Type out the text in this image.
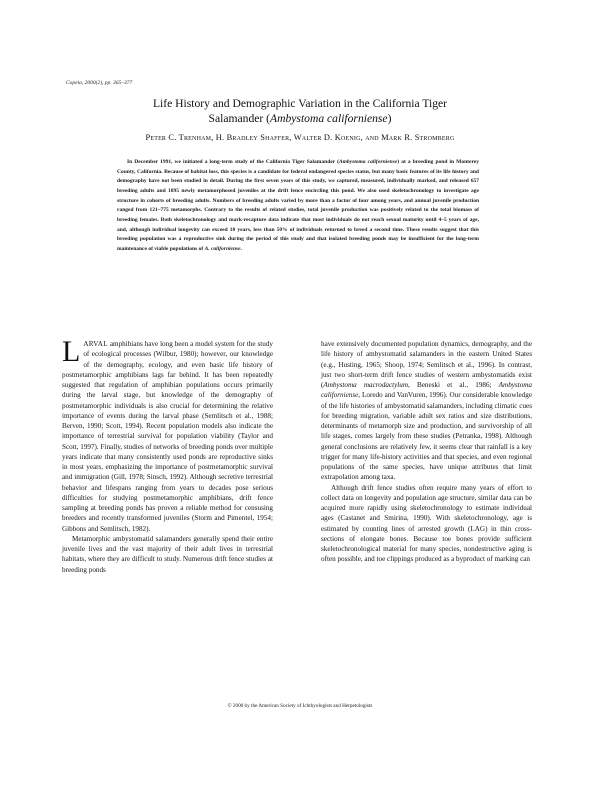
Copeia, 2000(2), pp. 365–377
Life History and Demographic Variation in the California Tiger
Salamander (Ambystoma californiense)
Peter C. Trenham, H. Bradley Shaffer, Walter D. Koenig, and Mark R. Stromberg

In December 1991, we initiated a long-term study of the California Tiger Salamander (Ambystoma californiense) at a breeding pond in Monterey County, California. Because of habitat loss, this species is a candidate for federal endangered species status, but many basic features of its life history and demography have not been studied in detail. During the first seven years of this study, we captured, measured, individually marked, and released 657 breeding adults and 1895 newly metamorphosed juveniles at the drift fence encircling this pond. We also used skeletochronology to investigate age structure in cohorts of breeding adults. Numbers of breeding adults varied by more than a factor of four among years, and annual juvenile production ranged from 121–775 metamorphs. Contrary to the results of related studies, total juvenile production was positively related to the total biomass of breeding females. Both skeletochronology and mark-recapture data indicate that most individuals do not reach sexual maturity until 4–5 years of age, and, although individual longevity can exceed 10 years, less than 50% of individuals returned to breed a second time. These results suggest that this breeding population was a reproductive sink during the period of this study and that isolated breeding ponds may be insufficient for the long-term maintenance of viable populations of A. californiense.

LARVAL amphibians have long been a model system for the study of ecological processes (Wilbur, 1980); however, our knowledge of the demography, ecology, and even basic life history of postmetamorphic amphibians lags far behind. It has been repeatedly suggested that regulation of amphibian populations occurs primarily during the larval stage, but knowledge of the demography of postmetamorphic individuals is also crucial for determining the relative importance of events during the larval phase (Semlitsch et al., 1988; Berven, 1990; Scott, 1994). Recent population models also indicate the importance of terrestrial survival for population viability (Taylor and Scott, 1997). Finally, studies of networks of breeding ponds over multiple years indicate that many consistently used ponds are reproductive sinks in most years, emphasizing the importance of postmetamorphic survival and immigration (Gill, 1978; Sinsch, 1992). Although secretive terrestrial behavior and lifespans ranging from years to decades pose serious difficulties for studying postmetamorphic amphibians, drift fence sampling at breeding ponds has proven a reliable method for censusing breeders and recently transformed juveniles (Storm and Pimentel, 1954; Gibbons and Semlitsch, 1982).

Metamorphic ambystomatid salamanders generally spend their entire juvenile lives and the vast majority of their adult lives in terrestrial habitats, where they are difficult to study. Numerous drift fence studies at breeding ponds

have extensively documented population dynamics, demography, and the life history of ambystomatid salamanders in the eastern United States (e.g., Husting, 1965; Shoop, 1974; Semlitsch et al., 1996). In contrast, just two short-term drift fence studies of western ambystomatids exist (Ambystoma macrodactylum, Beneski et al., 1986; Ambystoma californiense, Loredo and VanVuren, 1996). Our considerable knowledge of the life histories of ambystomatid salamanders, including climatic cues for breeding migration, variable adult sex ratios and size distributions, determinants of metamorph size and production, and survivorship of all life stages, comes largely from these studies (Petranka, 1998). Although general conclusions are relatively few, it seems clear that rainfall is a key trigger for many life-history activities and that species, and even regional populations of the same species, have unique attributes that limit extrapolation among taxa.

Although drift fence studies often require many years of effort to collect data on longevity and population age structure, similar data can be acquired more rapidly using skeletochronology to estimate individual ages (Castanet and Smirina, 1990). With skeletochronology, age is estimated by counting lines of arrested growth (LAG) in thin cross-sections of elongate bones. Because toe bones provide sufficient skeletochronological material for many species, nondestructive aging is often possible, and toe clippings produced as a byproduct of marking can

© 2000 by the American Society of Ichthyologists and Herpetologists
